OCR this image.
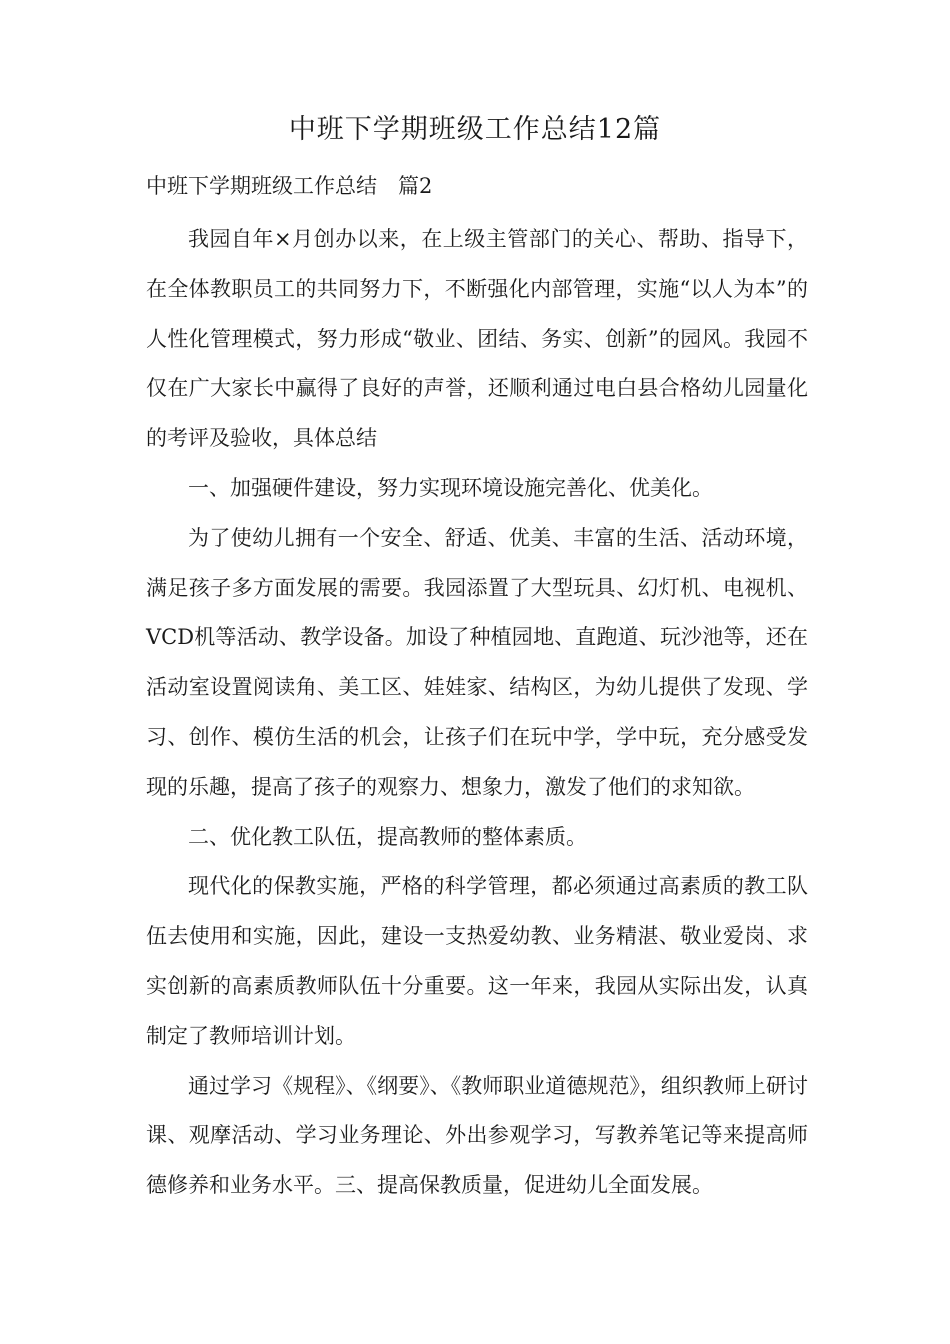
中班下学期班级工作总结12篇
中班下学期班级工作总结　篇2

我园自年×月创办以来，在上级主管部门的关心、帮助、指导下，在全体教职员工的共同努力下，不断强化内部管理，实施“以人为本”的人性化管理模式，努力形成“敬业、团结、务实、创新”的园风。我园不仅在广大家长中赢得了良好的声誉，还顺利通过电白县合格幼儿园量化的考评及验收，具体总结

一、加强硬件建设，努力实现环境设施完善化、优美化。

为了使幼儿拥有一个安全、舒适、优美、丰富的生活、活动环境，满足孩子多方面发展的需要。我园添置了大型玩具、幻灯机、电视机、VCD机等活动、教学设备。加设了种植园地、直跑道、玩沙池等，还在活动室设置阅读角、美工区、娃娃家、结构区，为幼儿提供了发现、学习、创作、模仿生活的机会，让孩子们在玩中学，学中玩，充分感受发现的乐趣，提高了孩子的观察力、想象力，激发了他们的求知欲。

二、优化教工队伍，提高教师的整体素质。

现代化的保教实施，严格的科学管理，都必须通过高素质的教工队伍去使用和实施，因此，建设一支热爱幼教、业务精湛、敬业爱岗、求实创新的高素质教师队伍十分重要。这一年来，我园从实际出发，认真制定了教师培训计划。

通过学习《规程》、《纲要》、《教师职业道德规范》，组织教师上研讨课、观摩活动、学习业务理论、外出参观学习，写教养笔记等来提高师德修养和业务水平。三、提高保教质量，促进幼儿全面发展。
